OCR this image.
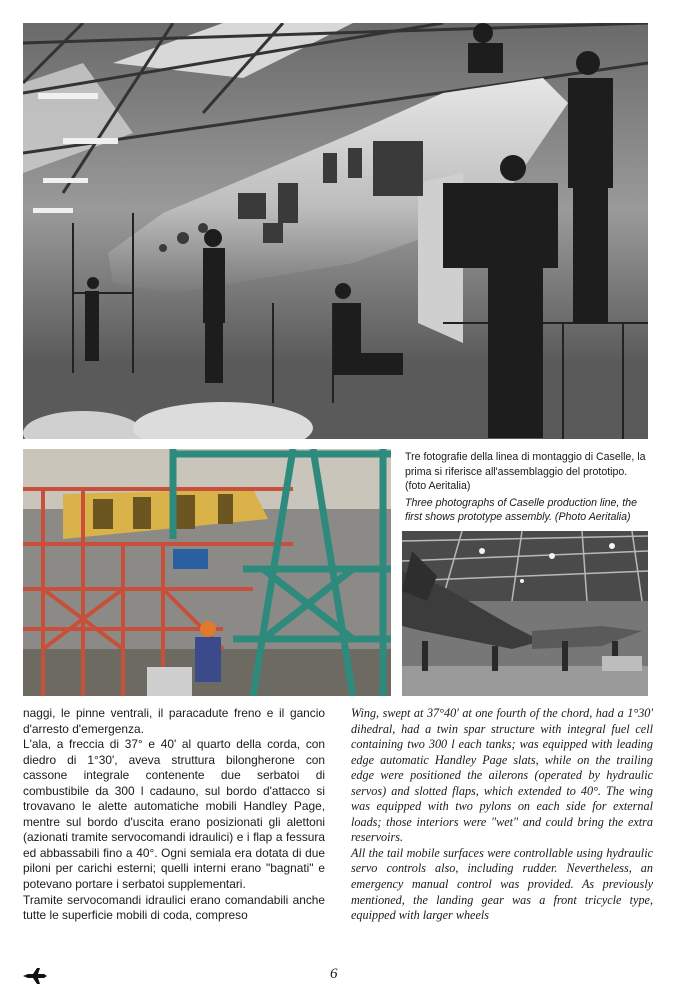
Tre fotografie della linea di montaggio di Caselle, la prima si riferisce all'assemblaggio del prototipo. (foto Aeritalia)
Three photographs of Caselle production line, the first shows prototype assembly. (Photo Aeritalia)

naggi, le pinne ventrali, il paracadute freno e il gancio d'arresto d'emergenza.

L'ala, a freccia di 37° e 40' al quarto della corda, con diedro di 1°30', aveva struttura bilongherone con cassone integrale contenente due serbatoi di combustibile da 300 l cadauno, sul bordo d'attacco si trovavano le alette automatiche mobili Handley Page, mentre sul bordo d'uscita erano posizionati gli alettoni (azionati tramite servocomandi idraulici) e i flap a fessura ed abbassabili fino a 40°. Ogni semiala era dotata di due piloni per carichi esterni; quelli interni erano "bagnati" e potevano portare i serbatoi supplementari.

Tramite servocomandi idraulici erano comandabili anche tutte le superficie mobili di coda, compreso

Wing, swept at 37°40' at one fourth of the chord, had a 1°30' dihedral, had a twin spar structure with integral fuel cell containing two 300 l each tanks; was equipped with leading edge automatic Handley Page slats, while on the trailing edge were positioned the ailerons (operated by hydraulic servos) and slotted flaps, which extended to 40°. The wing was equipped with two pylons on each side for external loads; those interiors were "wet" and could bring the extra reservoirs.

All the tail mobile surfaces were controllable using hydraulic servo controls also, including rudder. Nevertheless, an emergency manual control was provided. As previously mentioned, the landing gear was a front tricycle type, equipped with larger wheels

6
